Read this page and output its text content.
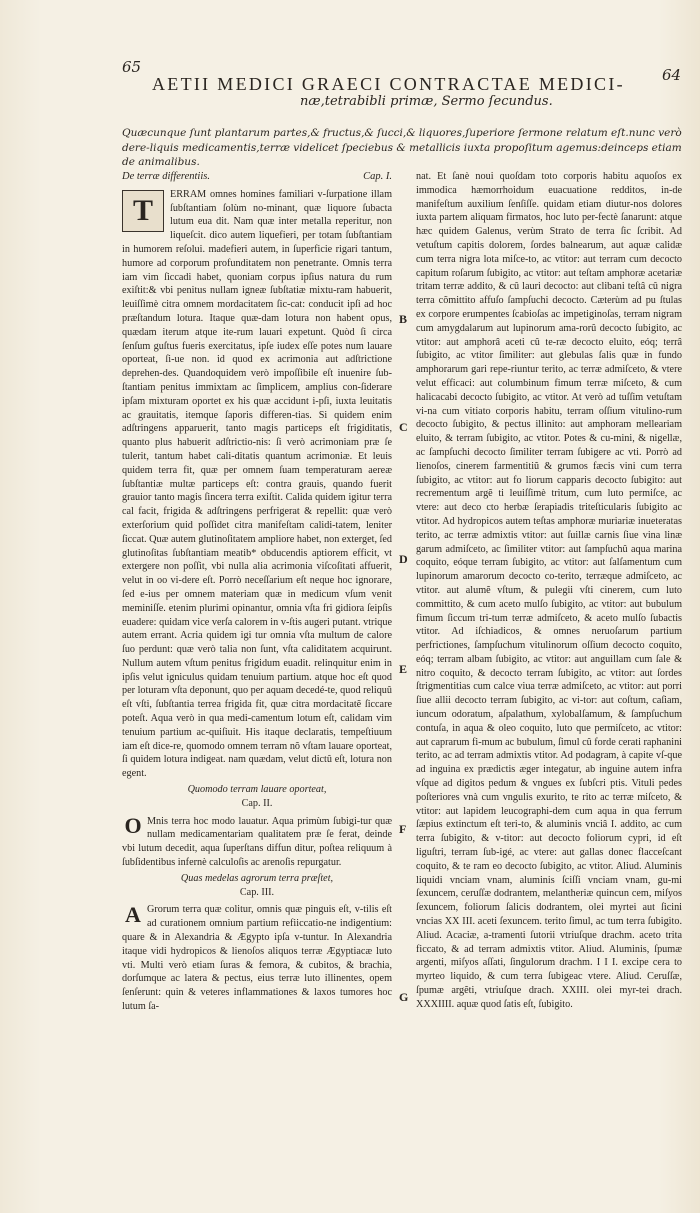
65	64
AETII MEDICI GRAECI CONTRACTAE MEDICI-
næ,tetrabibli primæ, Sermo ſecundus.
Quæcunque ſunt plantarum partes,& fructus,& ſucci,& liquores,ſuperiore ſermone relatum eſt.nunc verò dere-liquis medicamentis,terræ videlicet ſpeciebus & metallicis iuxta propoſitum agemus:deinceps etiam de animalibus.
De terræ differentiis.	Cap. I.

T	ERRAM omnes homines familiari v-ſurpatione illam ſubſtantiam ſolùm no-minant, quæ liquore ſubacta lutum eua dit. Nam quæ inter metalla reperitur, non liqueſcit. dico autem liquefieri, per totam ſubſtantiam in humorem reſolui. madefieri autem, in ſuperficie rigari tantum, humore ad corporum profunditatem non penetrante. Omnis terra iam vim ſiccadi habet, quoniam corpus ipſius natura du rum exiſtit:& vbi penitus nullam igneæ ſubſtatiæ mixtu-ram habuerit, leuiſſimè citra omnem mordacitatem ſic-cat: conducit ipſi ad hoc præſtandum lotura. Itaque quæ-dam lotura non habent opus, quædam iterum atque ite-rum lauari expetunt. Quòd ſi circa ſenſum guſtus fueris exercitatus, ipſe iudex eſſe potes num lauare oporteat, ſi-ue non. id quod ex acrimonia aut adſtrictione deprehen-des. Quandoquidem verò impoſſibile eſt inuenire ſub-ſtantiam penitus immixtam ac ſimplicem, amplius con-ſiderare ipſam mixturam oportet ex his quæ accidunt i-pſi, iuxta leuitatis ac grauitatis, itemque ſaporis differen-tias. Si quidem enim adſtringens apparuerit, tanto magis particeps eſt frigiditatis, quanto plus habuerit adſtrictio-nis: ſi verò acrimoniam præ ſe tulerit, tantum habet cali-ditatis quantum acrimoniæ. Et leuis quidem terra fit, quæ per omnem ſuam temperaturam aereæ ſubſtantiæ multæ particeps eſt: contra grauis, quando fuerit grauior tanto magis ſincera terra exiſtit. Calida quidem igitur terra cal facit, frigida & adſtringens perfrigerat & repellit: quæ verò exterſorium quid poſſidet citra manifeſtam calidi-tatem, leniter ſiccat. Quæ autem glutinoſitatem ampliore habet, non exterget, ſed glutinoſitas ſubſtantiam meatib* obducendis aptiorem efficit, vt extergere non poſſit, vbi nulla alia acrimonia viſcoſitati affuerit, velut in oo vi-dere eſt. Porrò neceſſarium eſt neque hoc ignorare, ſed e-ius per omnem materiam quæ in medicum vſum venit meminiſſe. etenim plurimi opinantur, omnia vſta fri gidiora ſeipſis euadere: quidam vice verſa calorem in v-ſtis augeri putant. vtrique autem errant. Acria quidem igi tur omnia vſta multum de calore ſuo perdunt: quæ verò talia non ſunt, vſta caliditatem acquirunt. Nullum autem vſtum penitus frigidum euadit. relinquitur enim in ipſis velut igniculus quidam tenuium partium. atque hoc eſt quod per loturam vſta deponunt, quo per aquam decedé-te, quod reliquû eſt vſti, ſubſtantia terrea frigida fit, quæ citra mordacitatẽ ſiccare poteſt. Aqua verò in qua medi-camentum lotum eſt, calidam vim tenuium partium ac-quiſiuit. His itaque declaratis, tempeſtiuum iam eſt dice-re, quomodo omnem terram nõ vſtam lauare oporteat, ſi quidem lotura indigeat. nam quædam, velut dictû eſt, lotura non egent.

Quomodo terram lauare oporteat,
Cap. II.

O Mnis terra hoc modo lauatur. Aqua primùm ſubigi-tur quæ nullam medicamentariam qualitatem præ ſe ferat, deinde vbi lutum decedit, aqua ſuperſtans diffun ditur, poſtea reliquum à ſubſidentibus infernè calculoſis ac arenoſis repurgatur.

Quas medelas agrorum terra præſtet,
Cap. III.

A Grorum terra quæ colitur, omnis quæ pinguis eſt, v-tilis eſt ad curationem omnium partium refiiccatio-ne indigentium: quare & in Alexandria & Ægypto ipſa v-tuntur. In Alexandria itaque vidi hydropicos & lienoſos aliquos terræ Ægyptiacæ luto vti. Multi verò etiam ſuras & femora, & cubitos, & brachia, dorſumque ac latera & pectus, eius terræ luto illinentes, opem ſenſerunt: quin & veteres inflammationes & laxos tumores hoc lutum ſa-

B
C
D
E
F
G

nat. Et ſanè noui quoſdam toto corporis habitu aquoſos ex immodica hæmorrhoidum euacuatione redditos, in-de manifeſtum auxilium ſenſiſſe. quidam etiam diutur-nos dolores iuxta partem aliquam firmatos, hoc luto per-fectè ſanarunt: atque hæc quidem Galenus, verùm Strato de terra ſic ſcribit. Ad vetuſtum capitis dolorem, ſordes balnearum, aut aquæ calidæ cum terra nigra lota miſce-to, ac vtitor: aut terram cum decocto capitum roſarum ſubigito, ac vtitor: aut teſtam amphoræ acetariæ tritam terræ addito, & cû lauri decocto: aut clibani teſtâ cû nigra terra cõmittito affuſo ſampſuchi decocto. Cæterùm ad pu ſtulas ex corpore erumpentes ſcabioſas ac impetiginoſas, terram nigram cum amygdalarum aut lupinorum ama-rorû decocto ſubigito, ac vtitor: aut amphorâ aceti cû te-ræ decocto eluito, eóq; terrâ ſubigito, ac vtitor ſimiliter: aut glebulas ſalis quæ in fundo amphorarum gari repe-riuntur terito, ac terræ admiſceto, & vtere velut efficaci: aut columbinum fimum terræ miſceto, & cum halicacabi decocto ſubigito, ac vtitor. At verò ad tuſſim vetuſtam vi-na cum vitiato corporis habitu, terram oſſium vitulino-rum decocto ſubigito, & pectus illinito: aut amphoram melleariam eluito, & terram ſubigito, ac vtitor. Potes & cu-mini, & nigellæ, ac ſampſuchi decocto ſimiliter terram ſubigere ac vti. Porrò ad lienoſos, cinerem farmentitiũ & grumos fæcis vini cum terra ſubigito, ac vtitor: aut fo liorum capparis decocto ſubigito: aut recrementum argẽ ti leuiſſimè tritum, cum luto permiſce, ac vtere: aut deco cto herbæ ſerapiadis triteſticularis ſubigito ac vtitor. Ad hydropicos autem teſtas amphoræ muriariæ inueteratas terito, ac terræ admixtis vtitor: aut ſuillæ carnis ſiue vina linæ garum admiſceto, ac ſimiliter vtitor: aut ſampſuchû aqua marina coquito, eóque terram ſubigito, ac vtitor: aut ſalſamentum cum lupinorum amarorum decocto co-terito, terræque admiſceto, ac vtitor. aut alumẽ vſtum, & pulegii vſti cinerem, cum luto committito, & cum aceto mulſo ſubigito, ac vtitor: aut bubulum fimum ſiccum tri-tum terræ admiſceto, & aceto mulſo ſubactis vtitor. Ad iſchiadicos, & omnes neruoſarum partium perfrictiones, ſampſuchum vitulinorum oſſium decocto coquito, eóq; terram albam ſubigito, ac vtitor: aut anguillam cum ſale & nitro coquito, & decocto terram ſubigito, ac vtitor: aut ſordes ſtrigmentitias cum calce viua terræ admiſceto, ac vtitor: aut porri ſiue allii decocto terram ſubigito, ac vi-tor: aut coſtum, caſiam, iuncum odoratum, aſpalathum, xylobalſamum, & ſampſuchum contuſa, in aqua & oleo coquito, luto que permiſceto, ac vtitor: aut caprarum fi-mum ac bubulum, ſimul cû forde cerati raphanini terito, ac ad terram admixtis vtitor. Ad podagram, à capite vſ-que ad inguina ex prædictis æger integatur, ab inguine autem infra vſque ad digitos pedum & vngues ex ſubſcri ptis. Vituli pedes poſteriores vnà cum vngulis exurito, te rito ac terræ miſceto, & vtitor: aut lapidem leucographi-dem cum aqua in qua ferrum ſæpius extinctum eſt teri-to, & aluminis vnciâ I. addito, ac cum terra ſubigito, & v-titor: aut decocto foliorum cypri, id eſt liguſtri, terram ſub-igé, ac vtere: aut gallas donec flacceſcant coquito, & te ram eo decocto ſubigito, ac vtitor. Aliud. Aluminis liquidi vnciam vnam, aluminis ſciſſi vnciam vnam, gu-mi ſexuncem, ceruſſæ dodrantem, melantheriæ quincun cem, miſyos ſexuncem, foliorum ſalicis dodrantem, olei myrtei aut ſicini vncias XX III. aceti ſexuncem. terito ſimul, ac tum terra ſubigito. Aliud. Acaciæ, a-tramenti ſutorii vtriuſque drachm. aceto trita ficcato, & ad terram admixtis vtitor. Aliud. Aluminis, ſpumæ argenti, miſyos aſſati, ſingulorum drachm. I I I. excipe cera to myrteo liquido, & cum terra ſubigeac vtere. Aliud. Ceruſſæ, ſpumæ argẽti, vtriuſque drach. XXIII. olei myr-tei drach. XXXIIII. aquæ quod ſatis eſt, ſubigito.
